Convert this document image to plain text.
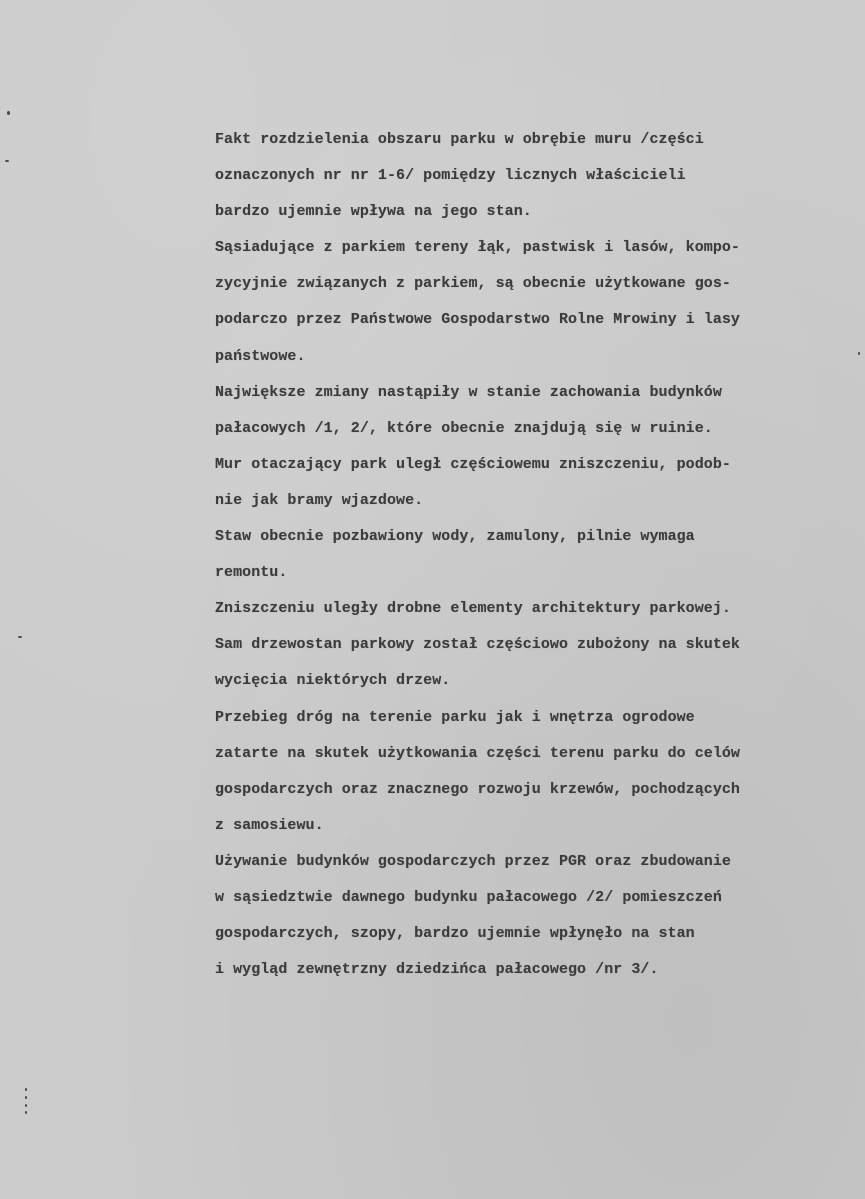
Fakt rozdzielenia obszaru parku w obrębie muru /części
oznaczonych nr nr 1-6/ pomiędzy licznych właścicieli
bardzo ujemnie wpływa na jego stan.
Sąsiadujące z parkiem tereny łąk, pastwisk i lasów, kompo-
zycyjnie związanych z parkiem, są obecnie użytkowane gos-
podarczo przez Państwowe Gospodarstwo Rolne Mrowiny i lasy
państwowe.
Największe zmiany nastąpiły w stanie zachowania budynków
pałacowych /1, 2/, które obecnie znajdują się w ruinie.
Mur otaczający park uległ częściowemu zniszczeniu, podob-
nie jak bramy wjazdowe.
Staw obecnie pozbawiony wody, zamulony, pilnie wymaga
remontu.
Zniszczeniu uległy drobne elementy architektury parkowej.
Sam drzewostan parkowy został częściowo zubożony na skutek
wycięcia niektórych drzew.
Przebieg dróg na terenie parku jak i wnętrza ogrodowe
zatarte na skutek użytkowania części terenu parku do celów
gospodarczych oraz znacznego rozwoju krzewów, pochodzących
z samosiewu.
Używanie budynków gospodarczych przez PGR oraz zbudowanie
w sąsiedztwie dawnego budynku pałacowego /2/ pomieszczeń
gospodarczych, szopy, bardzo ujemnie wpłynęło na stan
i wygląd zewnętrzny dziedzińca pałacowego /nr 3/.
